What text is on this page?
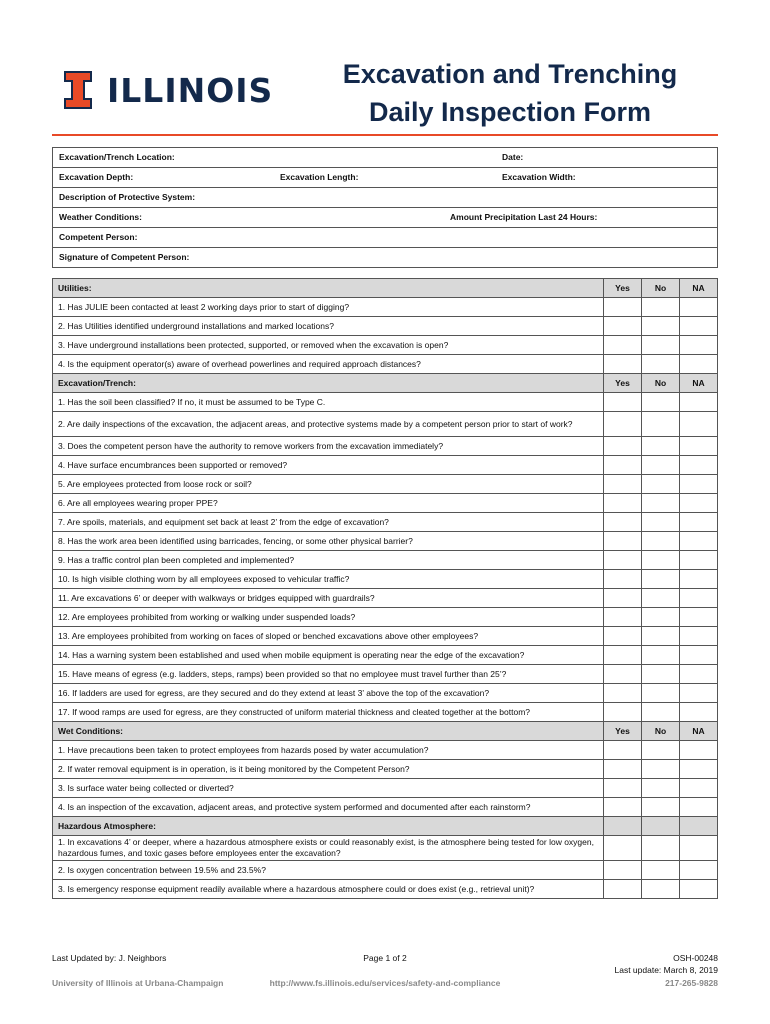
ILLINOIS	Excavation and Trenching
Daily Inspection Form
Excavation/Trench Location:	Date:

Excavation Depth:	Excavation Length:	Excavation Width:

Description of Protective System:

Weather Conditions:	Amount Precipitation Last 24 Hours:

Competent Person:

Signature of Competent Person:
Utilities:	Yes	No	NA
1. Has JULIE been contacted at least 2 working days prior to start of digging?			
2. Has Utilities identified underground installations and marked locations?			
3. Have underground installations been protected, supported, or removed when the excavation is open?			
4. Is the equipment operator(s) aware of overhead powerlines and required approach distances?			
Excavation/Trench:	Yes	No	NA
1. Has the soil been classified? If no, it must be assumed to be Type C.			
2. Are daily inspections of the excavation, the adjacent areas, and protective systems made by a competent person prior to start of work?			
3. Does the competent person have the authority to remove workers from the excavation immediately?			
4. Have surface encumbrances been supported or removed?			
5. Are employees protected from loose rock or soil?			
6. Are all employees wearing proper PPE?			
7. Are spoils, materials, and equipment set back at least 2’ from the edge of excavation?			
8. Has the work area been identified using barricades, fencing, or some other physical barrier?			
9. Has a traffic control plan been completed and implemented?			
10. Is high visible clothing worn by all employees exposed to vehicular traffic?			
11. Are excavations 6’ or deeper with walkways or bridges equipped with guardrails?			
12. Are employees prohibited from working or walking under suspended loads?			
13. Are employees prohibited from working on faces of sloped or benched excavations above other employees?			
14. Has a warning system been established and used when mobile equipment is operating near the edge of the excavation?			
15. Have means of egress (e.g. ladders, steps, ramps) been provided so that no employee must travel further than 25’?			
16. If ladders are used for egress, are they secured and do they extend at least 3’ above the top of the excavation?			
17. If wood ramps are used for egress, are they constructed of uniform material thickness and cleated together at the bottom?			
Wet Conditions:	Yes	No	NA
1. Have precautions been taken to protect employees from hazards posed by water accumulation?			
2. If water removal equipment is in operation, is it being monitored by the Competent Person?			
3. Is surface water being collected or diverted?			
4. Is an inspection of the excavation, adjacent areas, and protective system performed and documented after each rainstorm?			
Hazardous Atmosphere:			
1. In excavations 4’ or deeper, where a hazardous atmosphere exists or could reasonably exist, is the atmosphere being tested for low oxygen, hazardous fumes, and toxic gases before employees enter the excavation?			
2. Is oxygen concentration between 19.5% and 23.5%?			
3. Is emergency response equipment readily available where a hazardous atmosphere could or does exist (e.g., retrieval unit)?			
Last Updated by: J. Neighbors	Page 1 of 2	OSH-00248
Last update: March 8, 2019
University of Illinois at Urbana-Champaign	http://www.fs.illinois.edu/services/safety-and-compliance	217-265-9828
